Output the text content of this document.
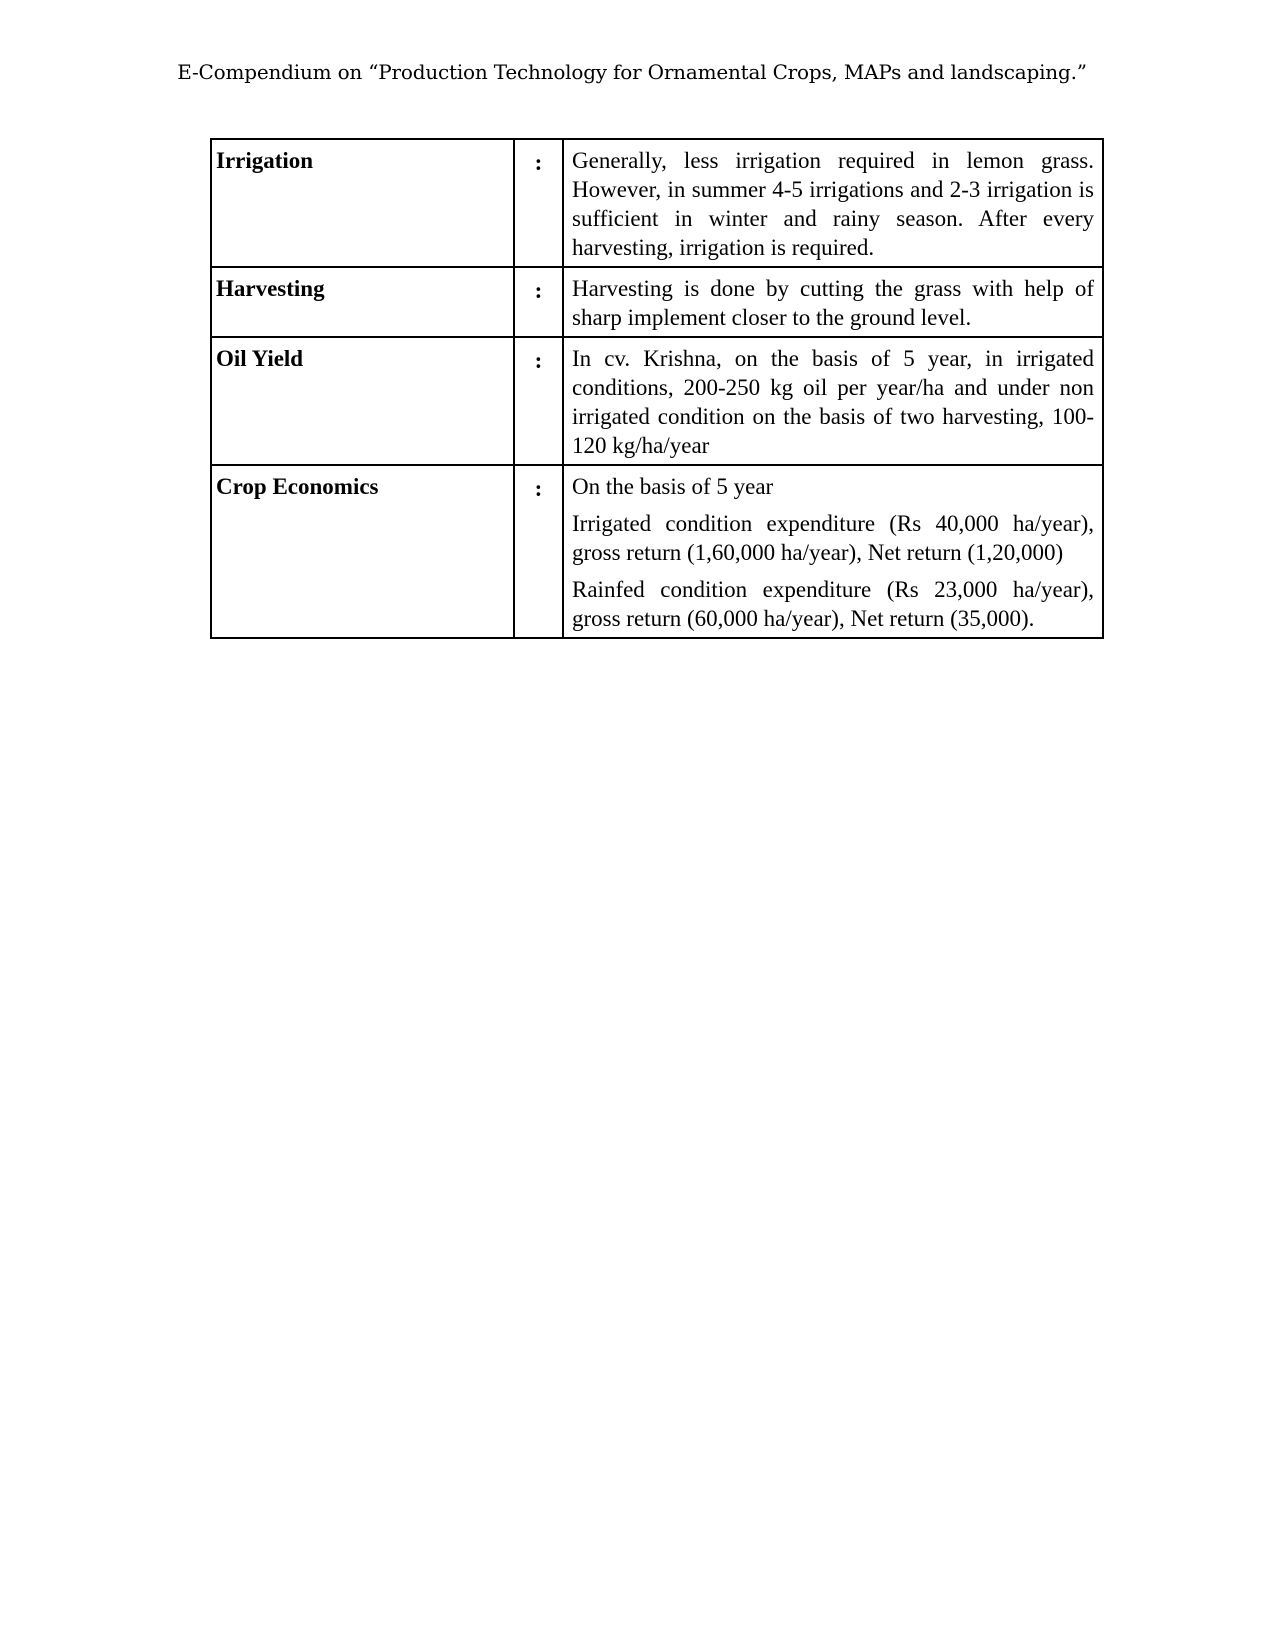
E-Compendium on “Production Technology for Ornamental Crops, MAPs and landscaping.”
Irrigation	:	Generally, less irrigation required in lemon grass. However, in summer 4-5 irrigations and 2-3 irrigation is sufficient in winter and rainy season. After every harvesting, irrigation is required.

Harvesting	:	Harvesting is done by cutting the grass with help of sharp implement closer to the ground level.

Oil Yield	:	In cv. Krishna, on the basis of 5 year, in irrigated conditions, 200-250 kg oil per year/ha and under non irrigated condition on the basis of two harvesting, 100-120 kg/ha/year

Crop Economics	:	On the basis of 5 year

Irrigated condition expenditure (Rs 40,000 ha/year), gross return (1,60,000 ha/year), Net return (1,20,000)

Rainfed condition expenditure (Rs 23,000 ha/year), gross return (60,000 ha/year), Net return (35,000).
